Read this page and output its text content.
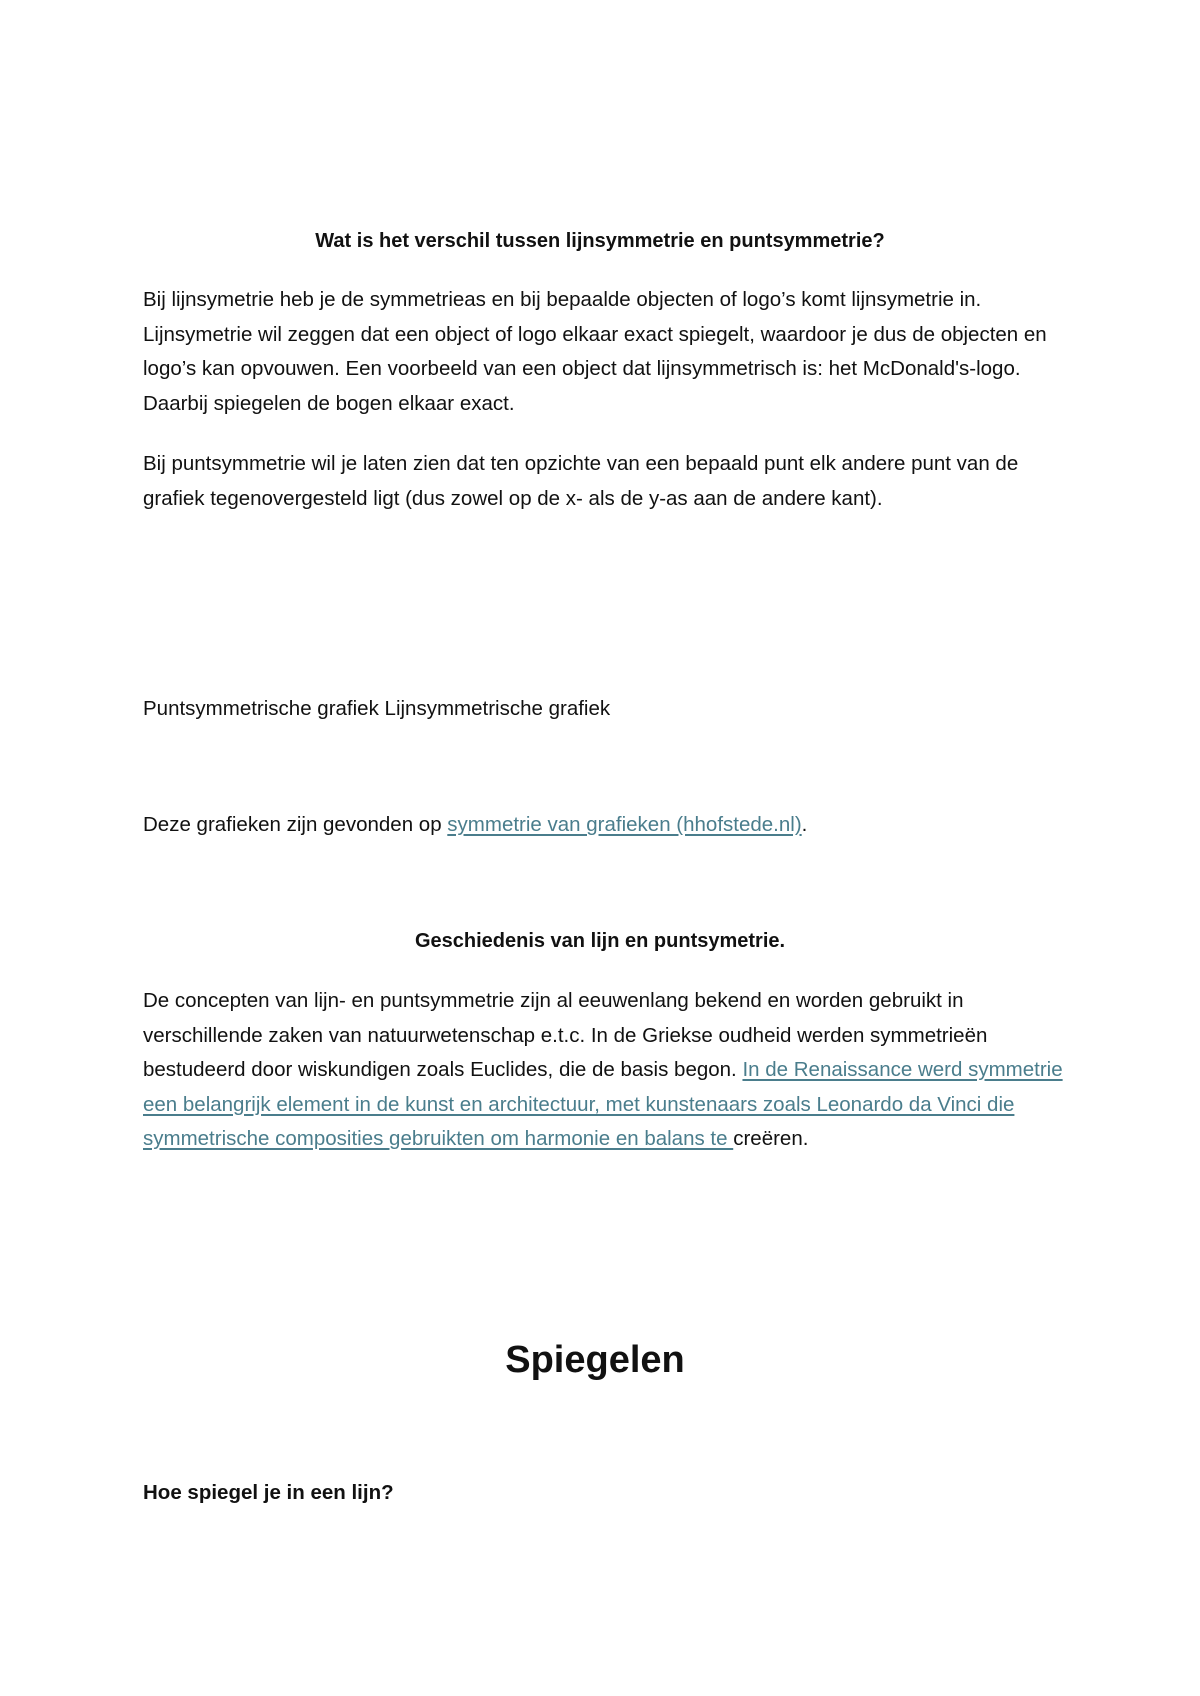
Wat is het verschil tussen lijnsymmetrie en puntsymmetrie?

Bij lijnsymetrie heb je de symmetrieas en bij bepaalde objecten of logo’s komt lijnsymetrie in. Lijnsymetrie wil zeggen dat een object of logo elkaar exact spiegelt, waardoor je dus de objecten en logo’s kan opvouwen. Een voorbeeld van een object dat lijnsymmetrisch is: het McDonald's-logo. Daarbij spiegelen de bogen elkaar exact.

Bij puntsymmetrie wil je laten zien dat ten opzichte van een bepaald punt elk andere punt van de grafiek tegenovergesteld ligt (dus zowel op de x- als de y-as aan de andere kant).

Puntsymmetrische grafiek Lijnsymmetrische grafiek

Deze grafieken zijn gevonden op symmetrie van grafieken (hhofstede.nl).

Geschiedenis van lijn en puntsymetrie.

De concepten van lijn- en puntsymmetrie zijn al eeuwenlang bekend en worden gebruikt in verschillende zaken van natuurwetenschap e.t.c. In de Griekse oudheid werden symmetrieën bestudeerd door wiskundigen zoals Euclides, die de basis begon. In de Renaissance werd symmetrie een belangrijk element in de kunst en architectuur, met kunstenaars zoals Leonardo da Vinci die symmetrische composities gebruikten om harmonie en balans te creëren.

Spiegelen
Hoe spiegel je in een lijn?
